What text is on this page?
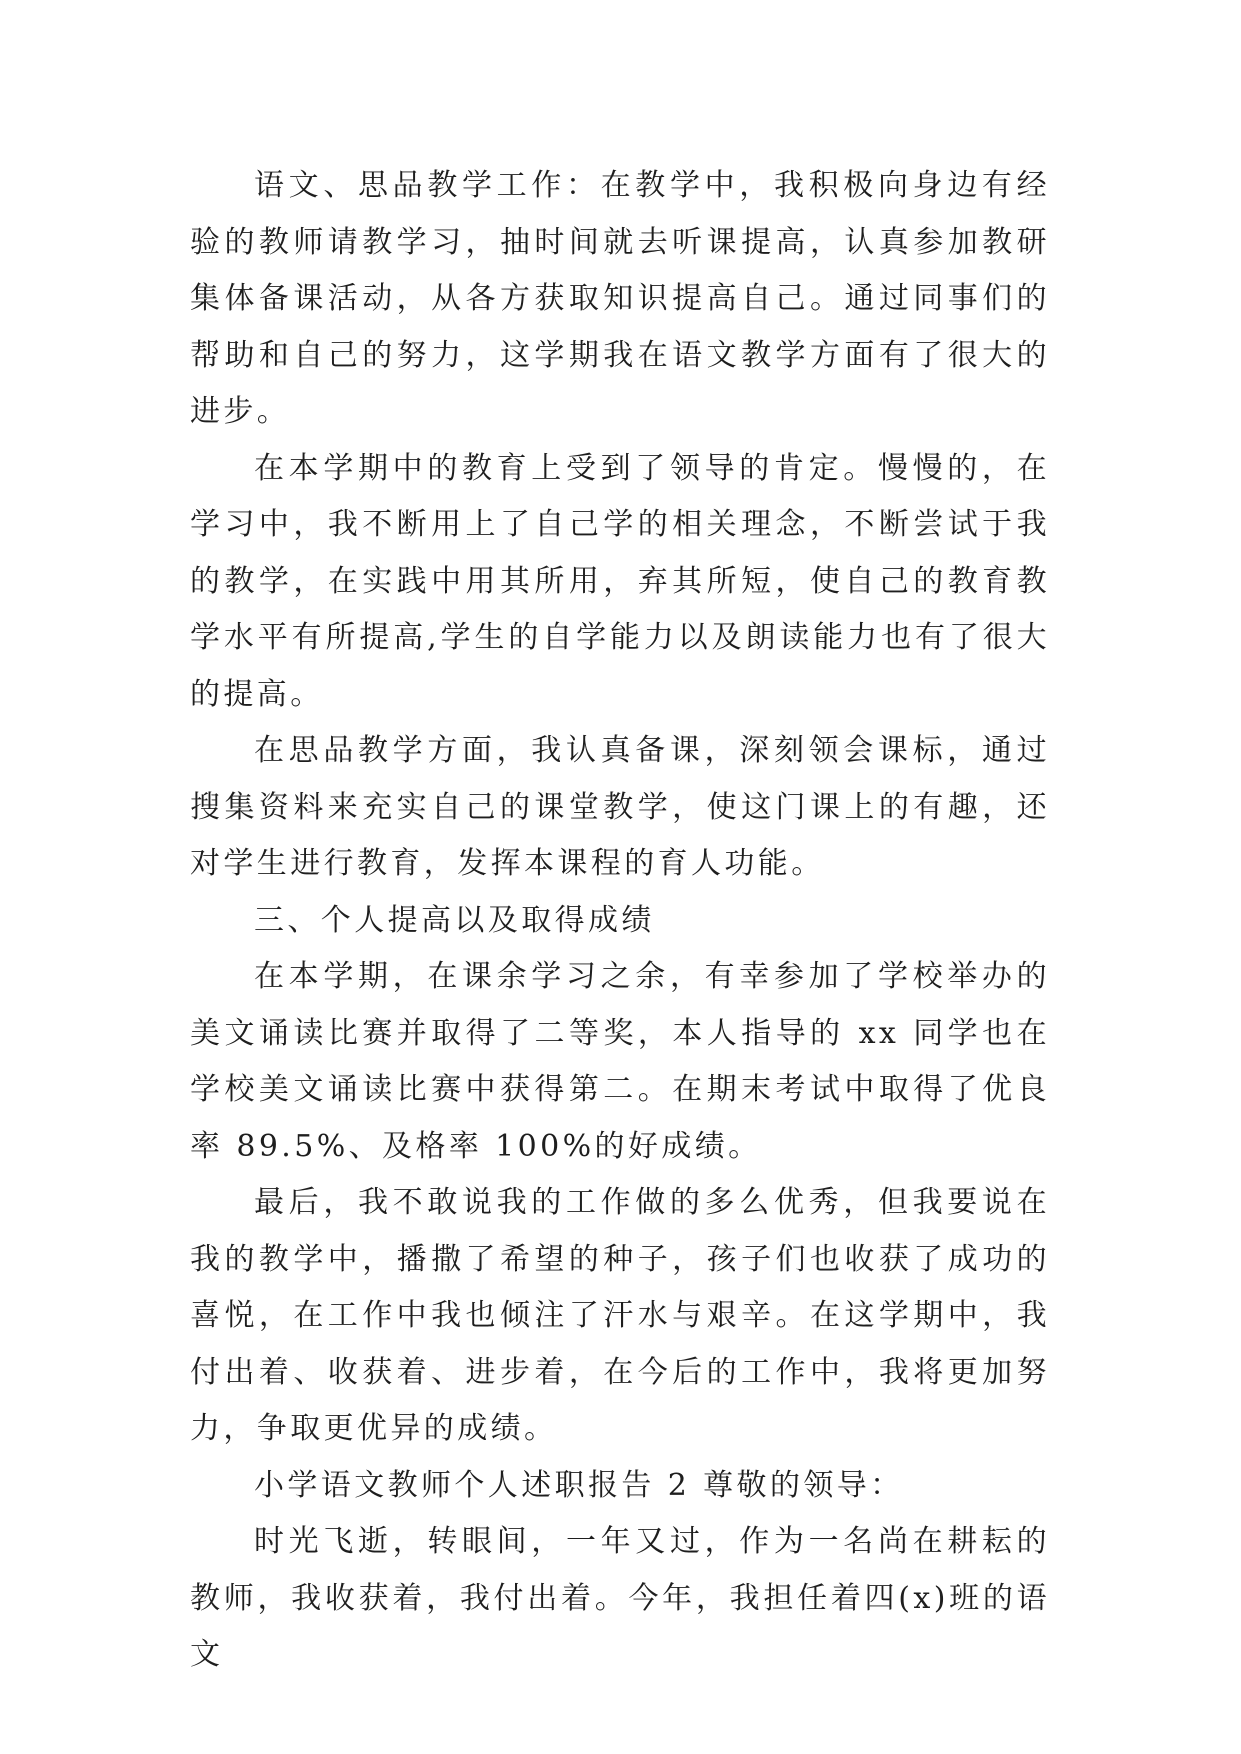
语文、思品教学工作：在教学中，我积极向身边有经验的教师请教学习，抽时间就去听课提高，认真参加教研集体备课活动，从各方获取知识提高自己。通过同事们的帮助和自己的努力，这学期我在语文教学方面有了很大的进步。

在本学期中的教育上受到了领导的肯定。慢慢的，在学习中，我不断用上了自己学的相关理念，不断尝试于我的教学，在实践中用其所用，弃其所短，使自己的教育教学水平有所提高,学生的自学能力以及朗读能力也有了很大的提高。

在思品教学方面，我认真备课，深刻领会课标，通过搜集资料来充实自己的课堂教学，使这门课上的有趣，还对学生进行教育，发挥本课程的育人功能。

三、个人提高以及取得成绩

在本学期，在课余学习之余，有幸参加了学校举办的美文诵读比赛并取得了二等奖，本人指导的 xx 同学也在学校美文诵读比赛中获得第二。在期末考试中取得了优良率 89.5%、及格率 100%的好成绩。

最后，我不敢说我的工作做的多么优秀，但我要说在我的教学中，播撒了希望的种子，孩子们也收获了成功的喜悦，在工作中我也倾注了汗水与艰辛。在这学期中，我付出着、收获着、进步着，在今后的工作中，我将更加努力，争取更优异的成绩。

小学语文教师个人述职报告 2 尊敬的领导：

时光飞逝，转眼间，一年又过，作为一名尚在耕耘的教师，我收获着，我付出着。今年，我担任着四(x)班的语文
